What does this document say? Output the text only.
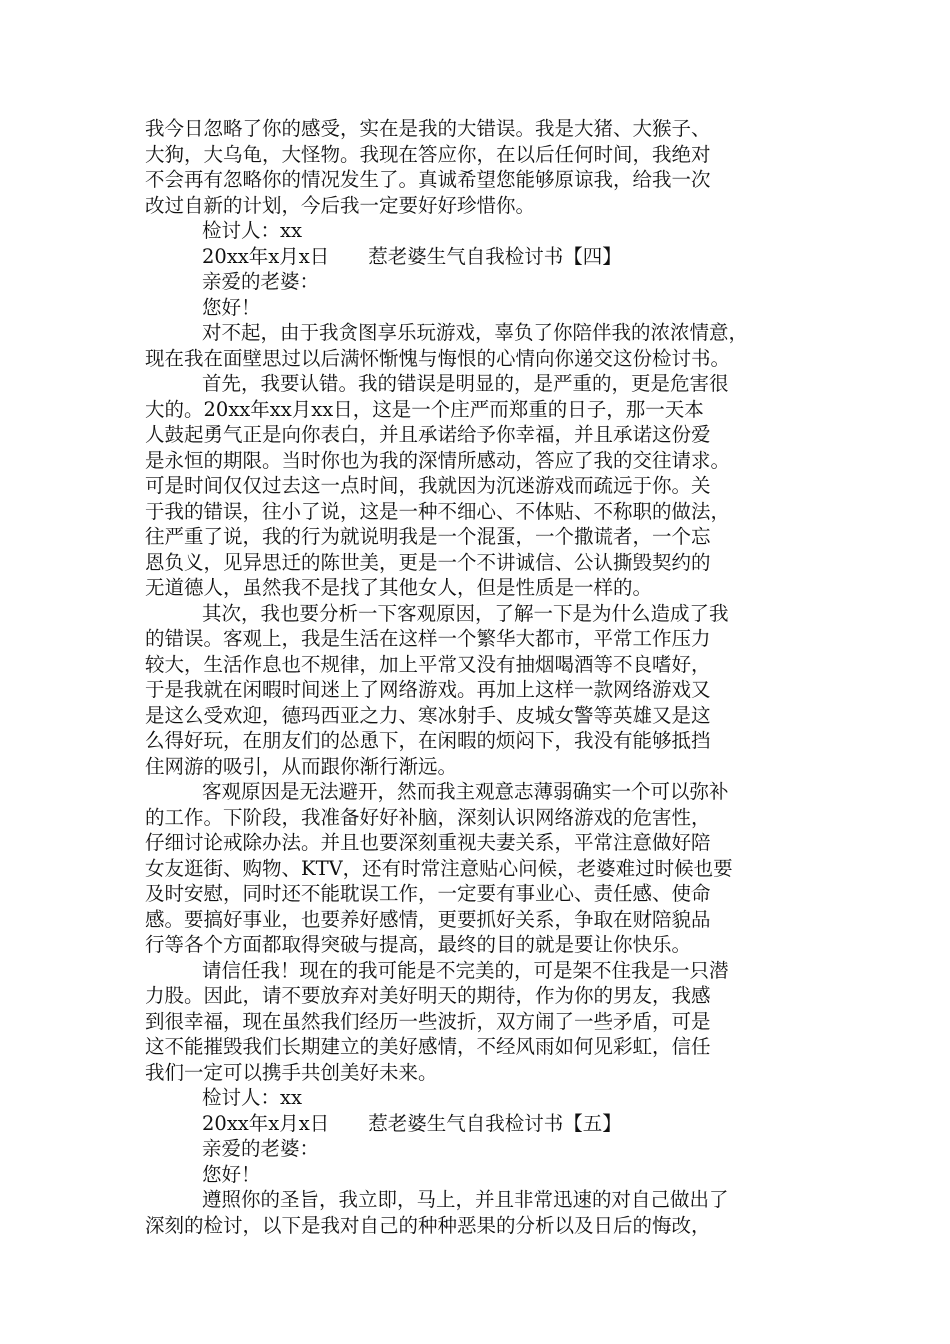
我今日忽略了你的感受，实在是我的大错误。我是大猪、大猴子、
大狗，大乌龟，大怪物。我现在答应你，在以后任何时间，我绝对
不会再有忽略你的情况发生了。真诚希望您能够原谅我，给我一次
改过自新的计划，今后我一定要好好珍惜你。
检讨人：xx
20xx年x月x日　　惹老婆生气自我检讨书【四】
亲爱的老婆：
您好！
对不起，由于我贪图享乐玩游戏，辜负了你陪伴我的浓浓情意，
现在我在面壁思过以后满怀惭愧与悔恨的心情向你递交这份检讨书。
首先，我要认错。我的错误是明显的，是严重的，更是危害很
大的。20xx年xx月xx日，这是一个庄严而郑重的日子，那一天本
人鼓起勇气正是向你表白，并且承诺给予你幸福，并且承诺这份爱
是永恒的期限。当时你也为我的深情所感动，答应了我的交往请求。
可是时间仅仅过去这一点时间，我就因为沉迷游戏而疏远于你。关
于我的错误，往小了说，这是一种不细心、不体贴、不称职的做法，
往严重了说，我的行为就说明我是一个混蛋，一个撒谎者，一个忘
恩负义，见异思迁的陈世美，更是一个不讲诚信、公认撕毁契约的
无道德人，虽然我不是找了其他女人，但是性质是一样的。
其次，我也要分析一下客观原因，了解一下是为什么造成了我
的错误。客观上，我是生活在这样一个繁华大都市，平常工作压力
较大，生活作息也不规律，加上平常又没有抽烟喝酒等不良嗜好，
于是我就在闲暇时间迷上了网络游戏。再加上这样一款网络游戏又
是这么受欢迎，德玛西亚之力、寒冰射手、皮城女警等英雄又是这
么得好玩，在朋友们的怂恿下，在闲暇的烦闷下，我没有能够抵挡
住网游的吸引，从而跟你渐行渐远。
客观原因是无法避开，然而我主观意志薄弱确实一个可以弥补
的工作。下阶段，我准备好好补脑，深刻认识网络游戏的危害性，
仔细讨论戒除办法。并且也要深刻重视夫妻关系，平常注意做好陪
女友逛街、购物、KTV，还有时常注意贴心问候，老婆难过时候也要
及时安慰，同时还不能耽误工作，一定要有事业心、责任感、使命
感。要搞好事业，也要养好感情，更要抓好关系，争取在财陪貌品
行等各个方面都取得突破与提高，最终的目的就是要让你快乐。
请信任我！现在的我可能是不完美的，可是架不住我是一只潜
力股。因此，请不要放弃对美好明天的期待，作为你的男友，我感
到很幸福，现在虽然我们经历一些波折，双方闹了一些矛盾，可是
这不能摧毁我们长期建立的美好感情，不经风雨如何见彩虹，信任
我们一定可以携手共创美好未来。
检讨人：xx
20xx年x月x日　　惹老婆生气自我检讨书【五】
亲爱的老婆：
您好！
遵照你的圣旨，我立即，马上，并且非常迅速的对自己做出了
深刻的检讨，以下是我对自己的种种恶果的分析以及日后的悔改，
